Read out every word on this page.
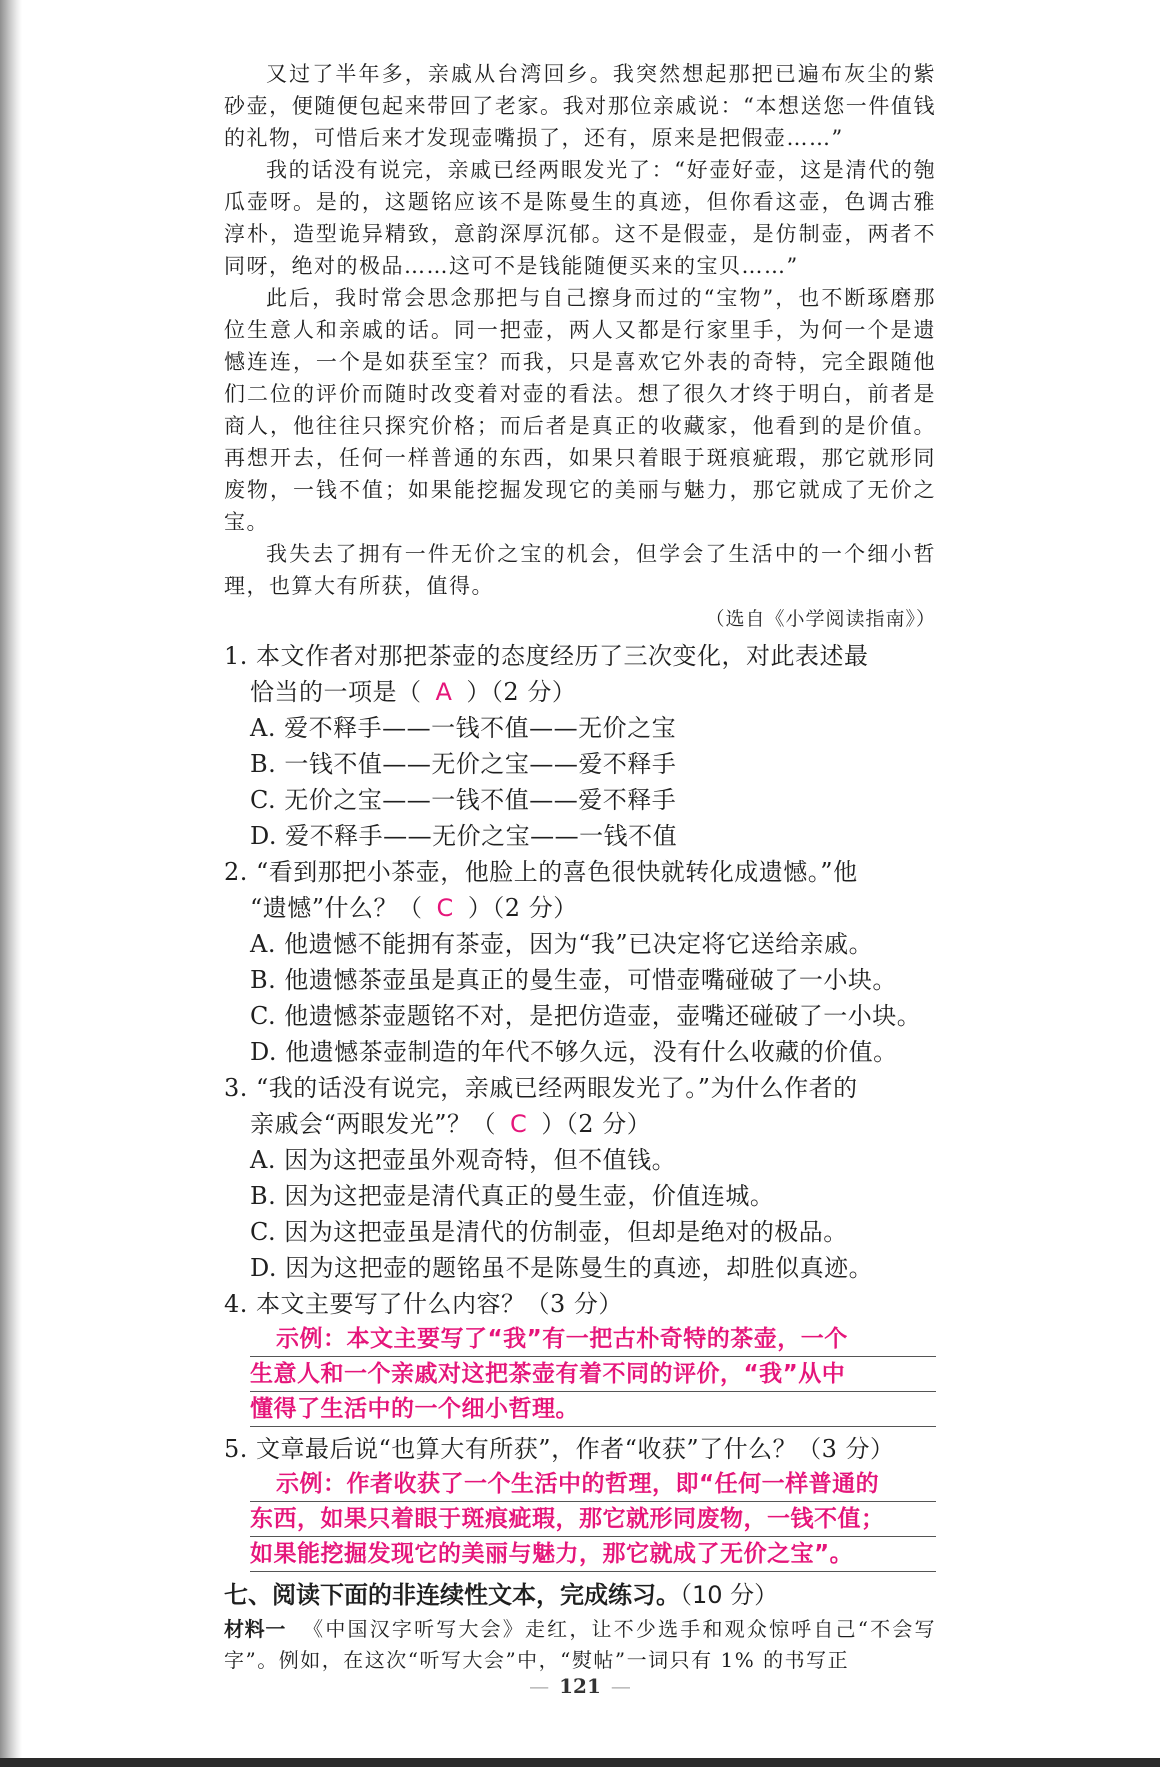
又过了半年多，亲戚从台湾回乡。我突然想起那把已遍布灰尘的紫砂壶，便随便包起来带回了老家。我对那位亲戚说：“本想送您一件值钱的礼物，可惜后来才发现壶嘴损了，还有，原来是把假壶……”

我的话没有说完，亲戚已经两眼发光了：“好壶好壶，这是清代的匏瓜壶呀。是的，这题铭应该不是陈曼生的真迹，但你看这壶，色调古雅淳朴，造型诡异精致，意韵深厚沉郁。这不是假壶，是仿制壶，两者不同呀，绝对的极品……这可不是钱能随便买来的宝贝……”

此后，我时常会思念那把与自己擦身而过的“宝物”，也不断琢磨那位生意人和亲戚的话。同一把壶，两人又都是行家里手，为何一个是遗憾连连，一个是如获至宝？而我，只是喜欢它外表的奇特，完全跟随他们二位的评价而随时改变着对壶的看法。想了很久才终于明白，前者是商人，他往往只探究价格；而后者是真正的收藏家，他看到的是价值。再想开去，任何一样普通的东西，如果只着眼于斑痕疵瑕，那它就形同废物，一钱不值；如果能挖掘发现它的美丽与魅力，那它就成了无价之宝。

我失去了拥有一件无价之宝的机会，但学会了生活中的一个细小哲理，也算大有所获，值得。

（选自《小学阅读指南》）

1. 本文作者对那把茶壶的态度经历了三次变化，对此表述最

恰当的一项是（ A ）（2 分）

A. 爱不释手——一钱不值——无价之宝

B. 一钱不值——无价之宝——爱不释手

C. 无价之宝——一钱不值——爱不释手

D. 爱不释手——无价之宝——一钱不值

2. “看到那把小茶壶，他脸上的喜色很快就转化成遗憾。”他

“遗憾”什么？（ C ）（2 分）

A. 他遗憾不能拥有茶壶，因为“我”已决定将它送给亲戚。

B. 他遗憾茶壶虽是真正的曼生壶，可惜壶嘴碰破了一小块。

C. 他遗憾茶壶题铭不对，是把仿造壶，壶嘴还碰破了一小块。

D. 他遗憾茶壶制造的年代不够久远，没有什么收藏的价值。

3. “我的话没有说完，亲戚已经两眼发光了。”为什么作者的

亲戚会“两眼发光”？（ C ）（2 分）

A. 因为这把壶虽外观奇特，但不值钱。

B. 因为这把壶是清代真正的曼生壶，价值连城。

C. 因为这把壶虽是清代的仿制壶，但却是绝对的极品。

D. 因为这把壶的题铭虽不是陈曼生的真迹，却胜似真迹。

4. 本文主要写了什么内容？（3 分）

示例：本文主要写了“我”有一把古朴奇特的茶壶，一个
生意人和一个亲戚对这把茶壶有着不同的评价，“我”从中
懂得了生活中的一个细小哲理。

5. 文章最后说“也算大有所获”，作者“收获”了什么？（3 分）

示例：作者收获了一个生活中的哲理，即“任何一样普通的
东西，如果只着眼于斑痕疵瑕，那它就形同废物，一钱不值；
如果能挖掘发现它的美丽与魅力，那它就成了无价之宝”。

七、阅读下面的非连续性文本，完成练习。（10 分）

材料一 《中国汉字听写大会》走红，让不少选手和观众惊呼自己“不会写字”。例如，在这次“听写大会”中，“熨帖”一词只有 1% 的书写正

— 121 —
